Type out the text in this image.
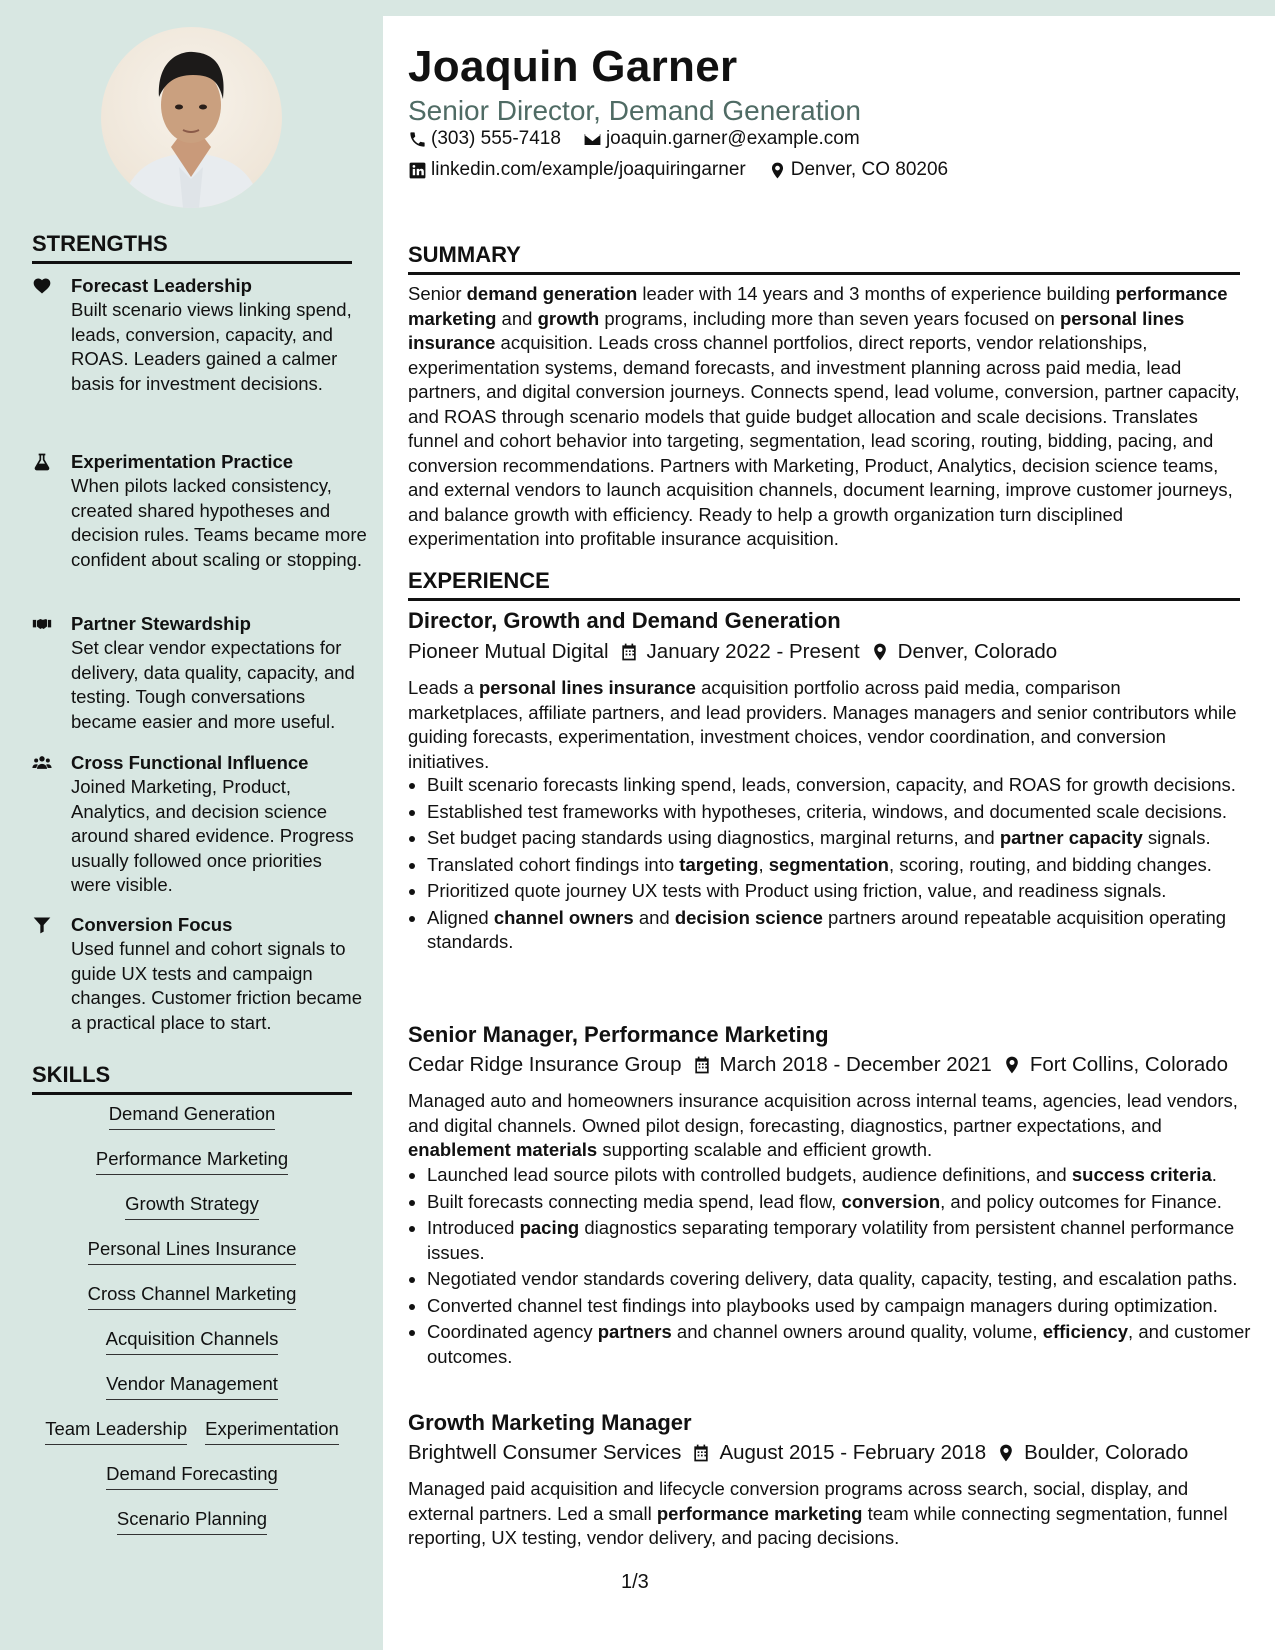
Joaquin Garner
Senior Director, Demand Generation
(303) 555-7418 joaquin.garner@example.com
linkedin.com/example/joaquiringarner Denver, CO 80206
STRENGTHS
Forecast Leadership
Built scenario views linking spend, leads, conversion, capacity, and ROAS. Leaders gained a calmer basis for investment decisions.
Experimentation Practice
When pilots lacked consistency, created shared hypotheses and decision rules. Teams became more confident about scaling or stopping.
Partner Stewardship
Set clear vendor expectations for delivery, data quality, capacity, and testing. Tough conversations became easier and more useful.
Cross Functional Influence
Joined Marketing, Product, Analytics, and decision science around shared evidence. Progress usually followed once priorities were visible.
Conversion Focus
Used funnel and cohort signals to guide UX tests and campaign changes. Customer friction became a practical place to start.
SKILLS
Demand Generation
Performance Marketing
Growth Strategy
Personal Lines Insurance
Cross Channel Marketing
Acquisition Channels
Vendor Management
Team Leadership Experimentation
Demand Forecasting
Scenario Planning
SUMMARY
Senior demand generation leader with 14 years and 3 months of experience building performance marketing and growth programs, including more than seven years focused on personal lines insurance acquisition. Leads cross channel portfolios, direct reports, vendor relationships, experimentation systems, demand forecasts, and investment planning across paid media, lead partners, and digital conversion journeys. Connects spend, lead volume, conversion, partner capacity, and ROAS through scenario models that guide budget allocation and scale decisions. Translates funnel and cohort behavior into targeting, segmentation, lead scoring, routing, bidding, pacing, and conversion recommendations. Partners with Marketing, Product, Analytics, decision science teams, and external vendors to launch acquisition channels, document learning, improve customer journeys, and balance growth with efficiency. Ready to help a growth organization turn disciplined experimentation into profitable insurance acquisition.
EXPERIENCE
Director, Growth and Demand Generation
Pioneer Mutual Digital January 2022 - Present Denver, Colorado
Leads a personal lines insurance acquisition portfolio across paid media, comparison marketplaces, affiliate partners, and lead providers. Manages managers and senior contributors while guiding forecasts, experimentation, investment choices, vendor coordination, and conversion initiatives.
• Built scenario forecasts linking spend, leads, conversion, capacity, and ROAS for growth decisions.
• Established test frameworks with hypotheses, criteria, windows, and documented scale decisions.
• Set budget pacing standards using diagnostics, marginal returns, and partner capacity signals.
• Translated cohort findings into targeting, segmentation, scoring, routing, and bidding changes.
• Prioritized quote journey UX tests with Product using friction, value, and readiness signals.
• Aligned channel owners and decision science partners around repeatable acquisition operating standards.
Senior Manager, Performance Marketing
Cedar Ridge Insurance Group March 2018 - December 2021 Fort Collins, Colorado
Managed auto and homeowners insurance acquisition across internal teams, agencies, lead vendors, and digital channels. Owned pilot design, forecasting, diagnostics, partner expectations, and enablement materials supporting scalable and efficient growth.
• Launched lead source pilots with controlled budgets, audience definitions, and success criteria.
• Built forecasts connecting media spend, lead flow, conversion, and policy outcomes for Finance.
• Introduced pacing diagnostics separating temporary volatility from persistent channel performance issues.
• Negotiated vendor standards covering delivery, data quality, capacity, testing, and escalation paths.
• Converted channel test findings into playbooks used by campaign managers during optimization.
• Coordinated agency partners and channel owners around quality, volume, efficiency, and customer outcomes.
Growth Marketing Manager
Brightwell Consumer Services August 2015 - February 2018 Boulder, Colorado
Managed paid acquisition and lifecycle conversion programs across search, social, display, and external partners. Led a small performance marketing team while connecting segmentation, funnel reporting, UX testing, vendor delivery, and pacing decisions.
1/3
